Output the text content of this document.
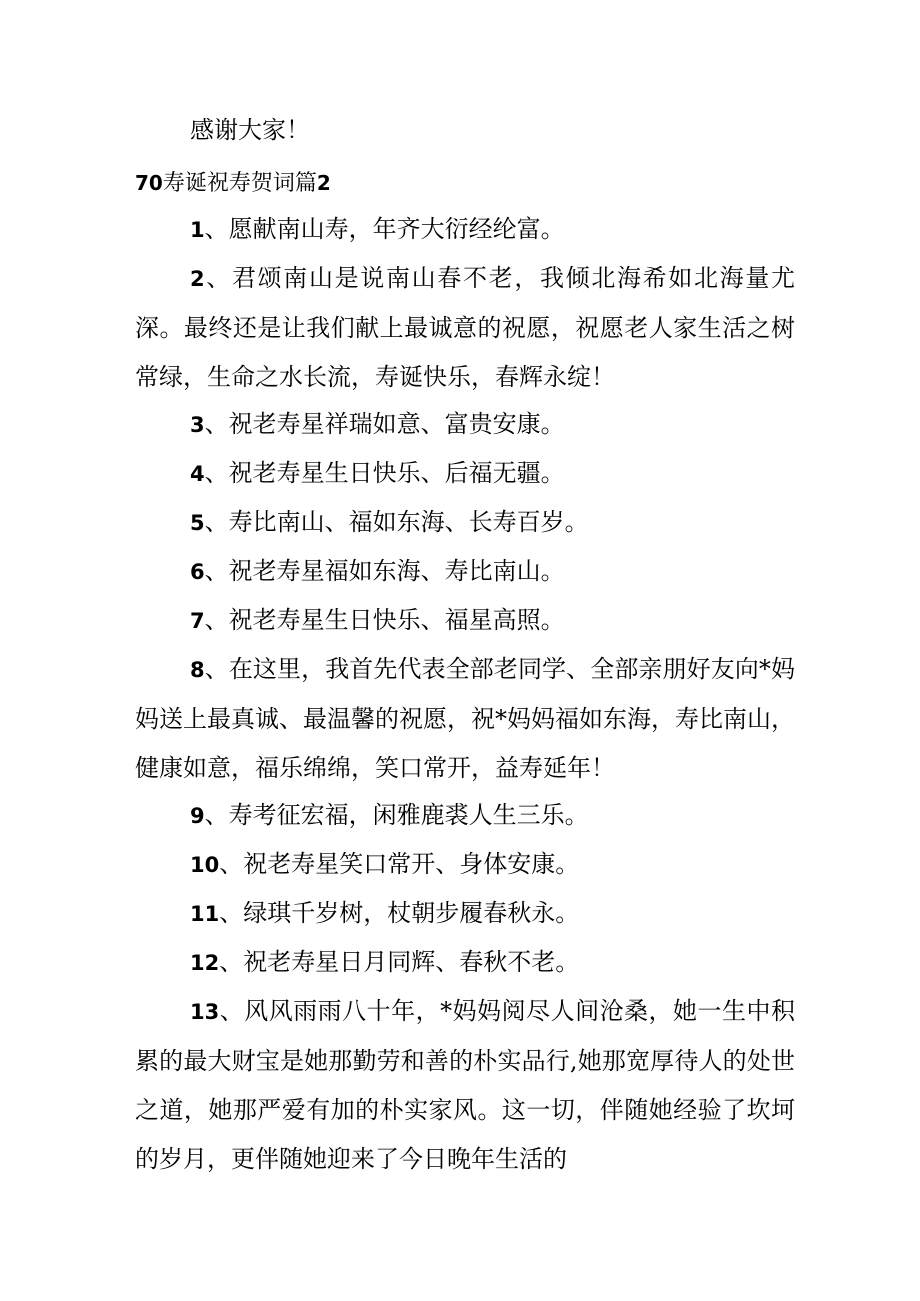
感谢大家！

70寿诞祝寿贺词篇2

1、愿献南山寿，年齐大衍经纶富。

2、君颂南山是说南山春不老，我倾北海希如北海量尤深。最终还是让我们献上最诚意的祝愿，祝愿老人家生活之树常绿，生命之水长流，寿诞快乐，春辉永绽！

3、祝老寿星祥瑞如意、富贵安康。

4、祝老寿星生日快乐、后福无疆。

5、寿比南山、福如东海、长寿百岁。

6、祝老寿星福如东海、寿比南山。

7、祝老寿星生日快乐、福星高照。

8、在这里，我首先代表全部老同学、全部亲朋好友向*妈妈送上最真诚、最温馨的祝愿，祝*妈妈福如东海，寿比南山，健康如意，福乐绵绵，笑口常开，益寿延年！

9、寿考征宏福，闲雅鹿裘人生三乐。

10、祝老寿星笑口常开、身体安康。

11、绿琪千岁树，杖朝步履春秋永。

12、祝老寿星日月同辉、春秋不老。

13、风风雨雨八十年，*妈妈阅尽人间沧桑，她一生中积累的最大财宝是她那勤劳和善的朴实品行,她那宽厚待人的处世之道，她那严爱有加的朴实家风。这一切，伴随她经验了坎坷的岁月，更伴随她迎来了今日晚年生活的
